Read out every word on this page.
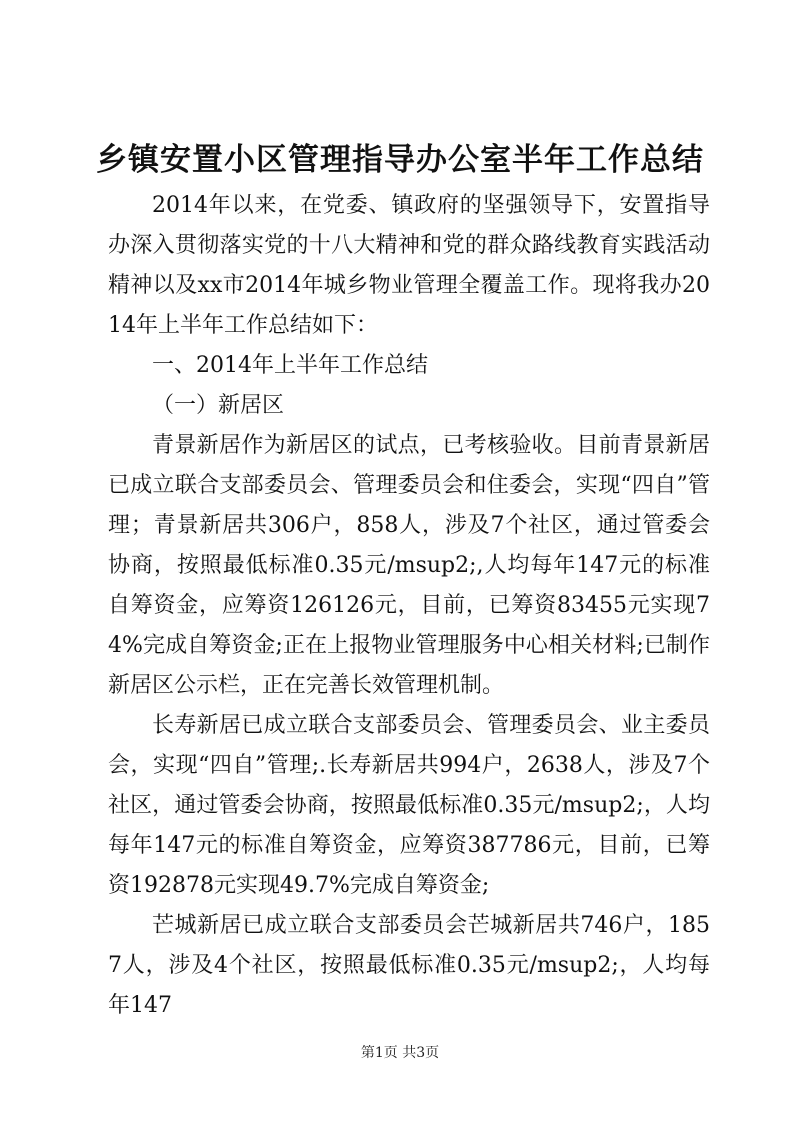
乡镇安置小区管理指导办公室半年工作总结

2014年以来，在党委、镇政府的坚强领导下，安置指导办深入贯彻落实党的十八大精神和党的群众路线教育实践活动精神以及xx市2014年城乡物业管理全覆盖工作。现将我办2014年上半年工作总结如下：

一、2014年上半年工作总结

（一）新居区

青景新居作为新居区的试点，已考核验收。目前青景新居已成立联合支部委员会、管理委员会和住委会，实现“四自”管理；青景新居共306户，858人，涉及7个社区，通过管委会协商，按照最低标准0.35元/msup2;,人均每年147元的标准自筹资金，应筹资126126元，目前，已筹资83455元实现74%完成自筹资金;正在上报物业管理服务中心相关材料;已制作新居区公示栏，正在完善长效管理机制。

长寿新居已成立联合支部委员会、管理委员会、业主委员会，实现“四自”管理;.长寿新居共994户，2638人，涉及7个社区，通过管委会协商，按照最低标准0.35元/msup2;，人均每年147元的标准自筹资金，应筹资387786元，目前，已筹资192878元实现49.7%完成自筹资金;

芒城新居已成立联合支部委员会芒城新居共746户，1857人，涉及4个社区，按照最低标准0.35元/msup2;，人均每年147

第1页 共3页
